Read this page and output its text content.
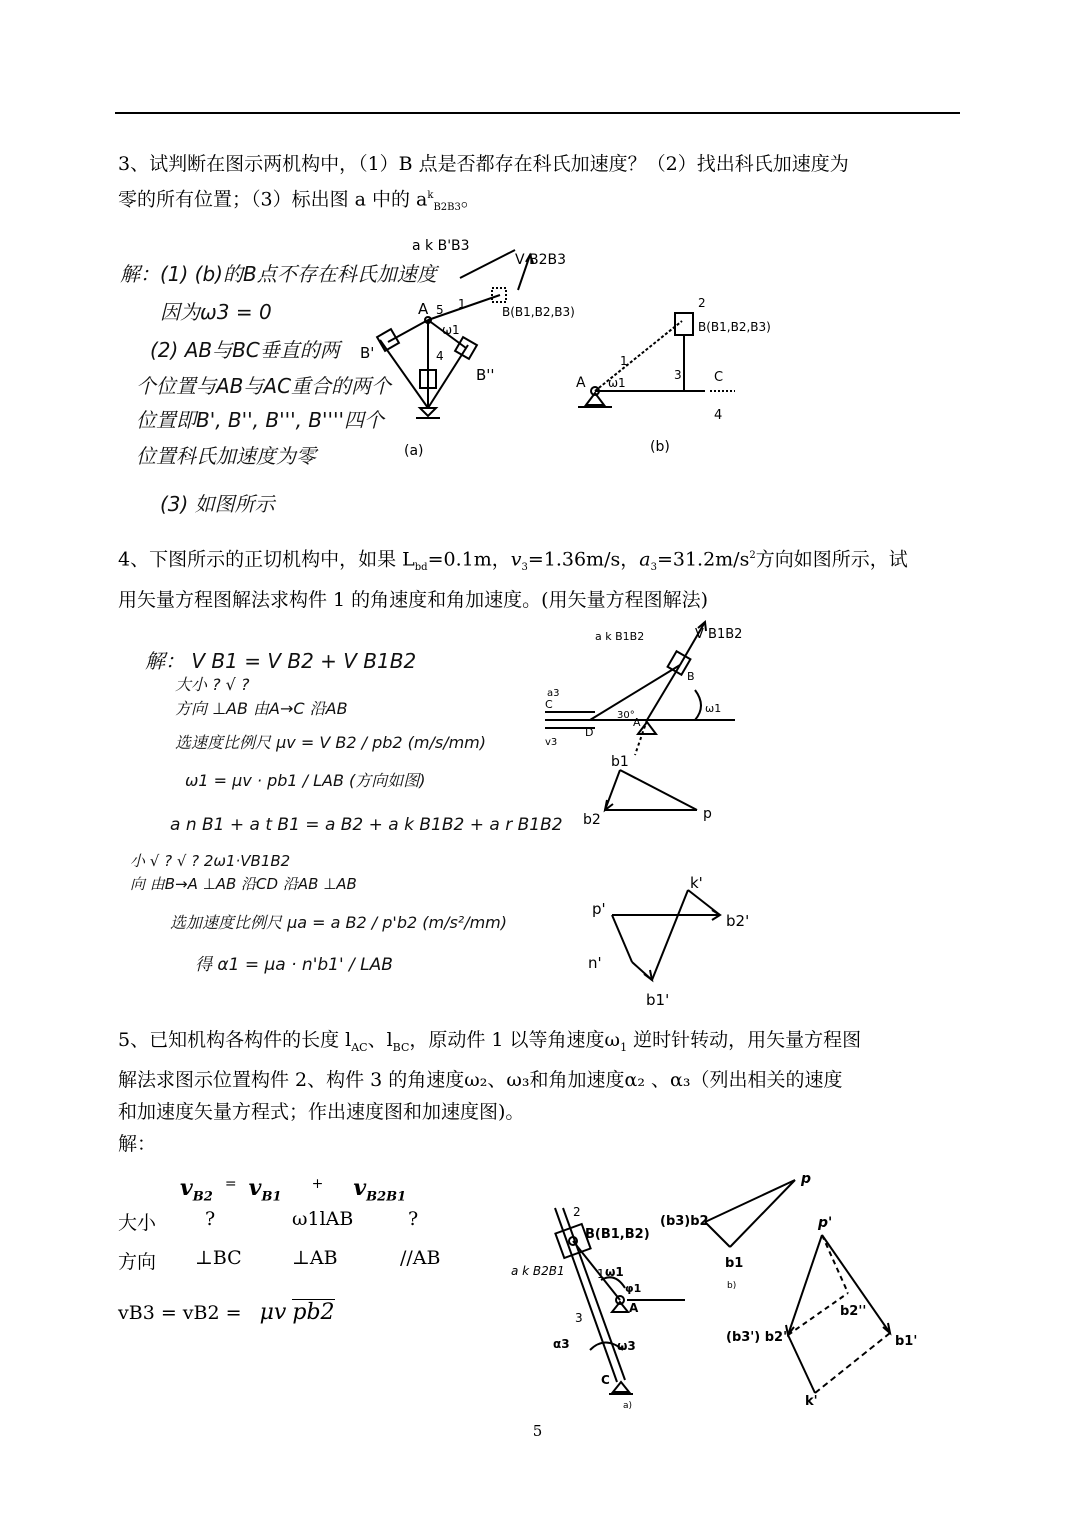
3、试判断在图示两机构中，（1）B 点是否都存在科氏加速度？（2）找出科氏加速度为
零的所有位置；（3）标出图 a 中的 $a^k_{B2B3}$。
解：(1) (b)的B点不存在科氏加速度
因为ω3 = 0
(2) AB与BC垂直的两
个位置与AB与AC重合的两个
位置即B', B'', B''', B''''四个
位置科氏加速度为零
(3) 如图所示
a k B'B3
V B2B3
A	B(B1,B2,B3)
B'
B''
ω1
1
4
5
(a)
A
B(B1,B2,B3)
C
ω1
1
2
3
4
(b)
4、下图所示的正切机构中，如果 $L_{bd}=0.1m$，$v_3=1.36m/s$，$a_3=31.2m/s^2$方向如图所示，试
用矢量方程图解法求构件 1 的角速度和角加速度。(用矢量方程图解法)
解： V B1 = V B2 + V B1B2
大小 ? √ ?
方向 ⊥AB 由A→C 沿AB
选速度比例尺 μv = V B2 / pb2 (m/s/mm)
ω1 = μv · pb1 / LAB (方向如图)
a n B1 + a t B1 = a B2 + a k B1B2 + a r B1B2
小 √ ? √ ? 2ω1·VB1B2
向 由B→A ⊥AB 沿CD 沿AB ⊥AB
选加速度比例尺 μa = a B2 / p'b2 (m/s²/mm)
得 α1 = μa · n'b1' / LAB
a k B1B2	V B1B2
C
D
A
B
ω1
30°
v3
a3
b1
b2	p
p'
k'
b2'
n'
b1'
5、已知机构各构件的长度 $l_{AC}$、$l_{BC}$，原动件 1 以等角速度$\omega_1$ 逆时针转动，用矢量方程图
解法求图示位置构件 2、构件 3 的角速度ω₂、ω₃和角加速度α₂ 、α₃（列出相关的速度
和加速度矢量方程式；作出速度图和加速度图)。
解：
$v_{B2}$ = $v_{B1}$ + $v_{B2B1}$
大小	?	ω1lAB	?
方向 ⊥BC	⊥AB	//AB
vB3 = vB2 = μv pb2
B(B1,B2)
a k B2B1	ω1
φ1
A
α3	ω3
C
1
2
3
a)
p
(b3)b2
b1
b)
p'
b2''
(b3') b2'	b1'
k'
5
